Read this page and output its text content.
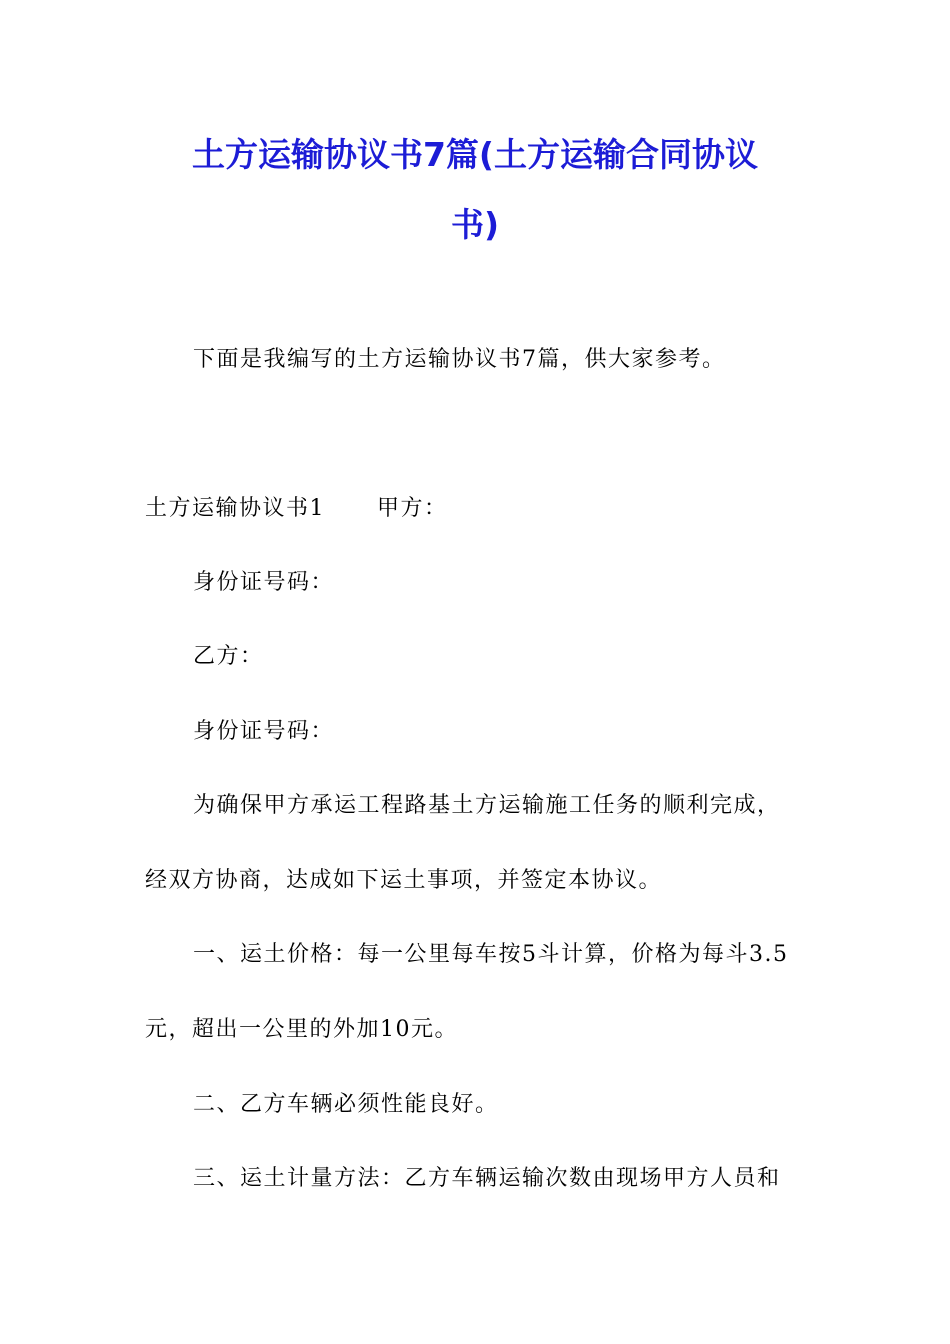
土方运输协议书7篇(土方运输合同协议
书)
下面是我编写的土方运输协议书7篇，供大家参考。
土方运输协议书1 甲方：
身份证号码：
乙方：
身份证号码：
为确保甲方承运工程路基土方运输施工任务的顺利完成，
经双方协商，达成如下运土事项，并签定本协议。
一、运土价格：每一公里每车按5斗计算，价格为每斗3.5
元，超出一公里的外加10元。
二、乙方车辆必须性能良好。
三、运土计量方法：乙方车辆运输次数由现场甲方人员和
